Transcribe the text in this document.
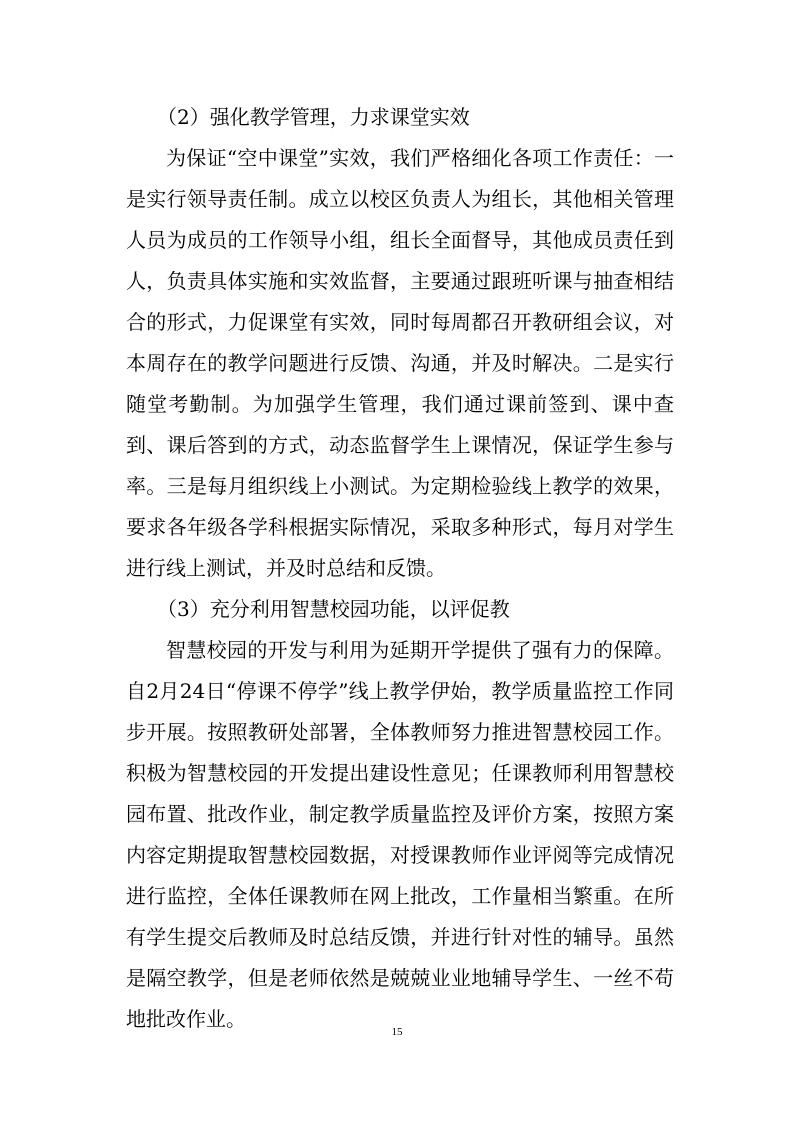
（2）强化教学管理，力求课堂实效

为保证“空中课堂”实效，我们严格细化各项工作责任：一是实行领导责任制。成立以校区负责人为组长，其他相关管理人员为成员的工作领导小组，组长全面督导，其他成员责任到人，负责具体实施和实效监督，主要通过跟班听课与抽查相结合的形式，力促课堂有实效，同时每周都召开教研组会议，对本周存在的教学问题进行反馈、沟通，并及时解决。二是实行随堂考勤制。为加强学生管理，我们通过课前签到、课中查到、课后答到的方式，动态监督学生上课情况，保证学生参与率。三是每月组织线上小测试。为定期检验线上教学的效果，要求各年级各学科根据实际情况，采取多种形式，每月对学生进行线上测试，并及时总结和反馈。

（3）充分利用智慧校园功能，以评促教

智慧校园的开发与利用为延期开学提供了强有力的保障。自2月24日“停课不停学”线上教学伊始，教学质量监控工作同步开展。按照教研处部署，全体教师努力推进智慧校园工作。积极为智慧校园的开发提出建设性意见；任课教师利用智慧校园布置、批改作业，制定教学质量监控及评价方案，按照方案内容定期提取智慧校园数据，对授课教师作业评阅等完成情况进行监控，全体任课教师在网上批改，工作量相当繁重。在所有学生提交后教师及时总结反馈，并进行针对性的辅导。虽然是隔空教学，但是老师依然是兢兢业业地辅导学生、一丝不苟地批改作业。

15
